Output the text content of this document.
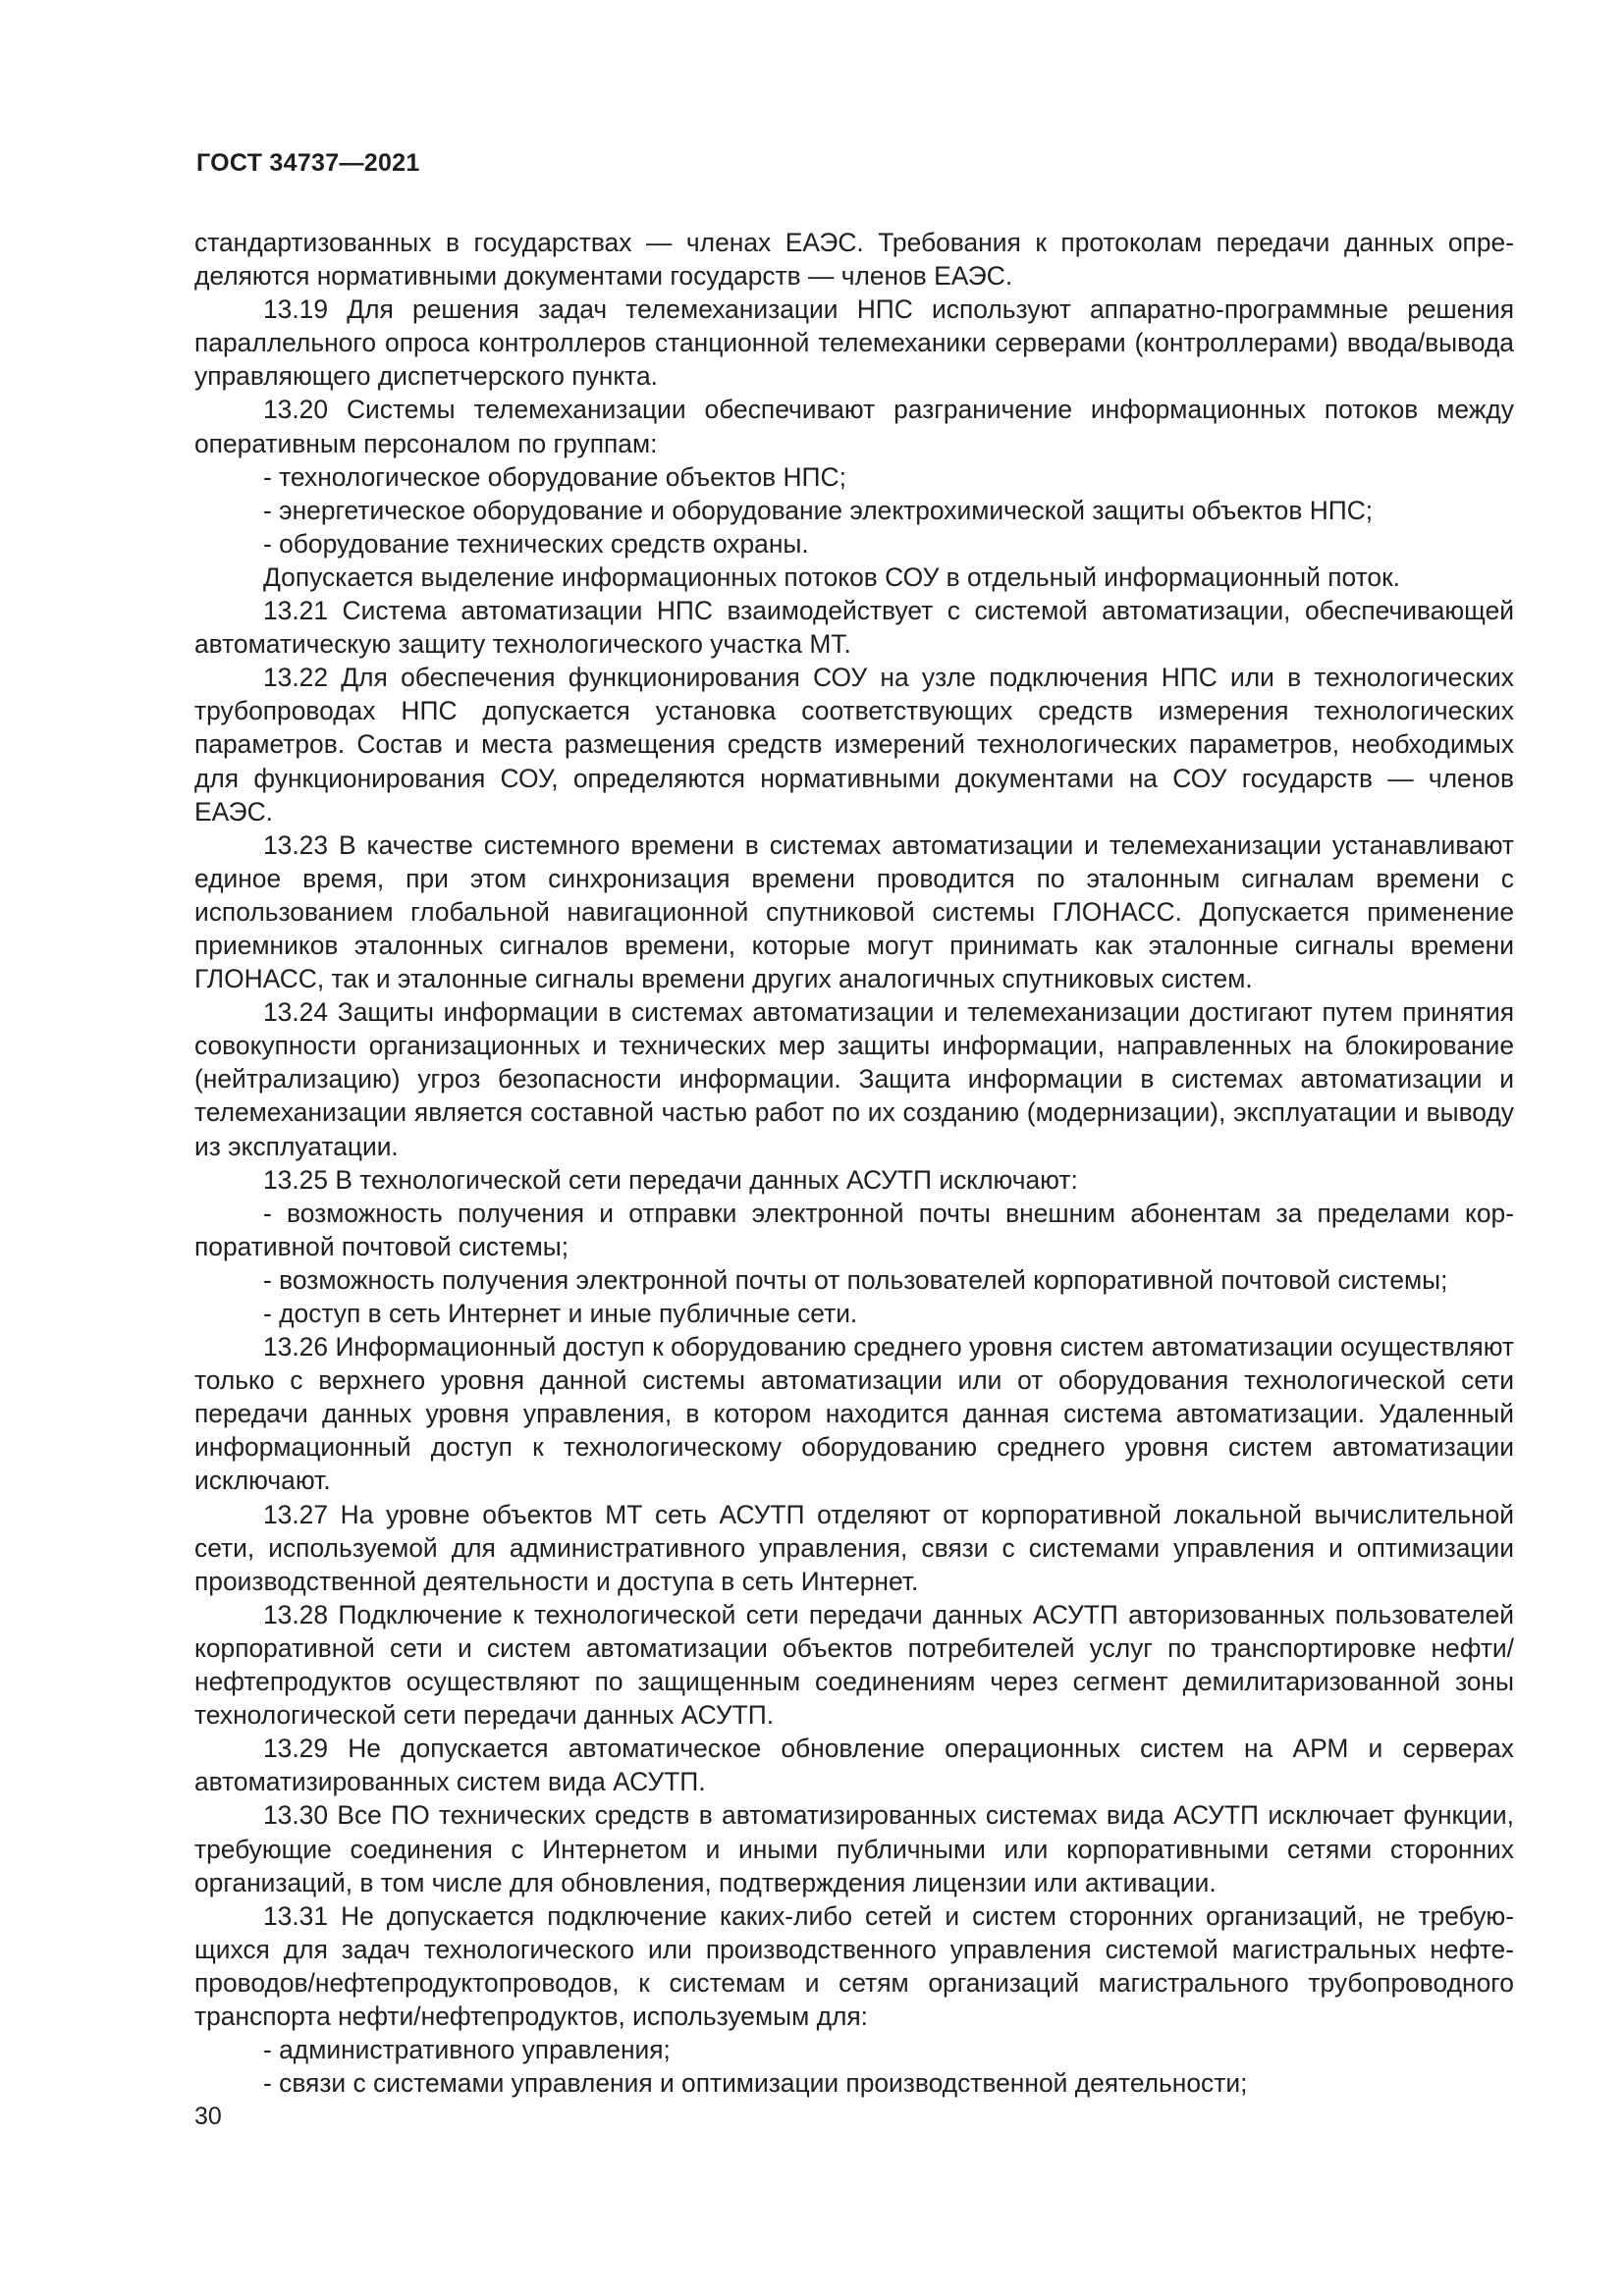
ГОСТ 34737—2021

стандартизованных в государствах — членах ЕАЭС. Требования к протоколам передачи данных определяются нормативными документами государств — членов ЕАЭС.

13.19 Для решения задач телемеханизации НПС используют аппаратно-программные решения параллельного опроса контроллеров станционной телемеханики серверами (контроллерами) ввода/вывода управляющего диспетчерского пункта.

13.20 Системы телемеханизации обеспечивают разграничение информационных потоков между оперативным персоналом по группам:

- технологическое оборудование объектов НПС;

- энергетическое оборудование и оборудование электрохимической защиты объектов НПС;

- оборудование технических средств охраны.

Допускается выделение информационных потоков СОУ в отдельный информационный поток.

13.21 Система автоматизации НПС взаимодействует с системой автоматизации, обеспечивающей автоматическую защиту технологического участка МТ.

13.22 Для обеспечения функционирования СОУ на узле подключения НПС или в технологических трубопроводах НПС допускается установка соответствующих средств измерения технологических параметров. Состав и места размещения средств измерений технологических параметров, необходимых для функционирования СОУ, определяются нормативными документами на СОУ государств — членов ЕАЭС.

13.23 В качестве системного времени в системах автоматизации и телемеханизации устанавливают единое время, при этом синхронизация времени проводится по эталонным сигналам времени с использованием глобальной навигационной спутниковой системы ГЛОНАСС. Допускается применение приемников эталонных сигналов времени, которые могут принимать как эталонные сигналы времени ГЛОНАСС, так и эталонные сигналы времени других аналогичных спутниковых систем.

13.24 Защиты информации в системах автоматизации и телемеханизации достигают путем принятия совокупности организационных и технических мер защиты информации, направленных на блокирование (нейтрализацию) угроз безопасности информации. Защита информации в системах автоматизации и телемеханизации является составной частью работ по их созданию (модернизации), эксплуатации и выводу из эксплуатации.

13.25 В технологической сети передачи данных АСУТП исключают:

- возможность получения и отправки электронной почты внешним абонентам за пределами корпоративной почтовой системы;

- возможность получения электронной почты от пользователей корпоративной почтовой системы;

- доступ в сеть Интернет и иные публичные сети.

13.26 Информационный доступ к оборудованию среднего уровня систем автоматизации осуществляют только с верхнего уровня данной системы автоматизации или от оборудования технологической сети передачи данных уровня управления, в котором находится данная система автоматизации. Удаленный информационный доступ к технологическому оборудованию среднего уровня систем автоматизации исключают.

13.27 На уровне объектов МТ сеть АСУТП отделяют от корпоративной локальной вычислительной сети, используемой для административного управления, связи с системами управления и оптимизации производственной деятельности и доступа в сеть Интернет.

13.28 Подключение к технологической сети передачи данных АСУТП авторизованных пользователей корпоративной сети и систем автоматизации объектов потребителей услуг по транспортировке нефти/нефтепродуктов осуществляют по защищенным соединениям через сегмент демилитаризованной зоны технологической сети передачи данных АСУТП.

13.29 Не допускается автоматическое обновление операционных систем на АРМ и серверах автоматизированных систем вида АСУТП.

13.30 Все ПО технических средств в автоматизированных системах вида АСУТП исключает функции, требующие соединения с Интернетом и иными публичными или корпоративными сетями сторонних организаций, в том числе для обновления, подтверждения лицензии или активации.

13.31 Не допускается подключение каких-либо сетей и систем сторонних организаций, не требующихся для задач технологического или производственного управления системой магистральных нефтепроводов/нефтепродуктопроводов, к системам и сетям организаций магистрального трубопроводного транспорта нефти/нефтепродуктов, используемым для:

- административного управления;

- связи с системами управления и оптимизации производственной деятельности;

30
